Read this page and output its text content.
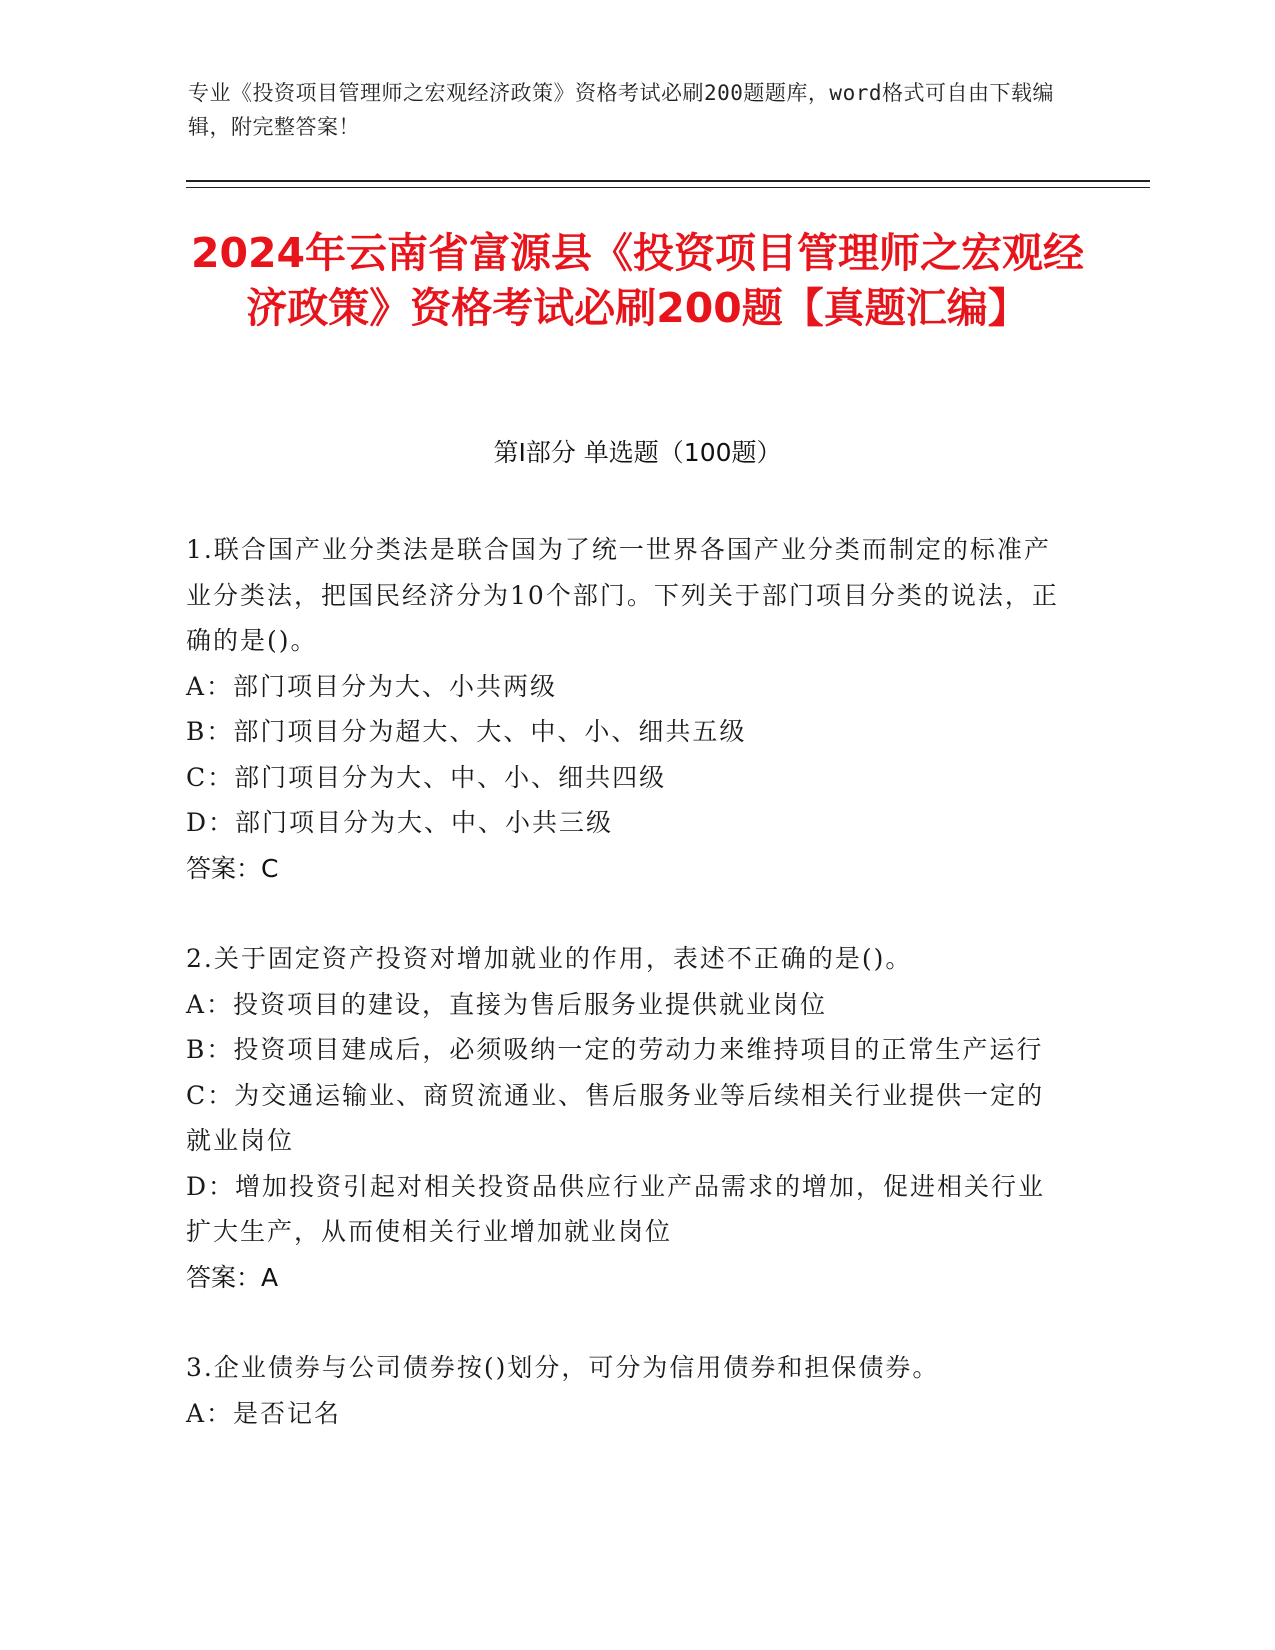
专业《投资项目管理师之宏观经济政策》资格考试必刷200题题库，word格式可自由下载编辑，附完整答案！
2024年云南省富源县《投资项目管理师之宏观经济政策》资格考试必刷200题【真题汇编】
第Ⅰ部分 单选题（100题）
1.联合国产业分类法是联合国为了统一世界各国产业分类而制定的标准产业分类法，把国民经济分为10个部门。下列关于部门项目分类的说法，正确的是()。
A：部门项目分为大、小共两级
B：部门项目分为超大、大、中、小、细共五级
C：部门项目分为大、中、小、细共四级
D：部门项目分为大、中、小共三级
答案：C
2.关于固定资产投资对增加就业的作用，表述不正确的是()。
A：投资项目的建设，直接为售后服务业提供就业岗位
B：投资项目建成后，必须吸纳一定的劳动力来维持项目的正常生产运行
C：为交通运输业、商贸流通业、售后服务业等后续相关行业提供一定的就业岗位
D：增加投资引起对相关投资品供应行业产品需求的增加，促进相关行业扩大生产，从而使相关行业增加就业岗位
答案：A
3.企业债券与公司债券按()划分，可分为信用债券和担保债券。
A：是否记名
